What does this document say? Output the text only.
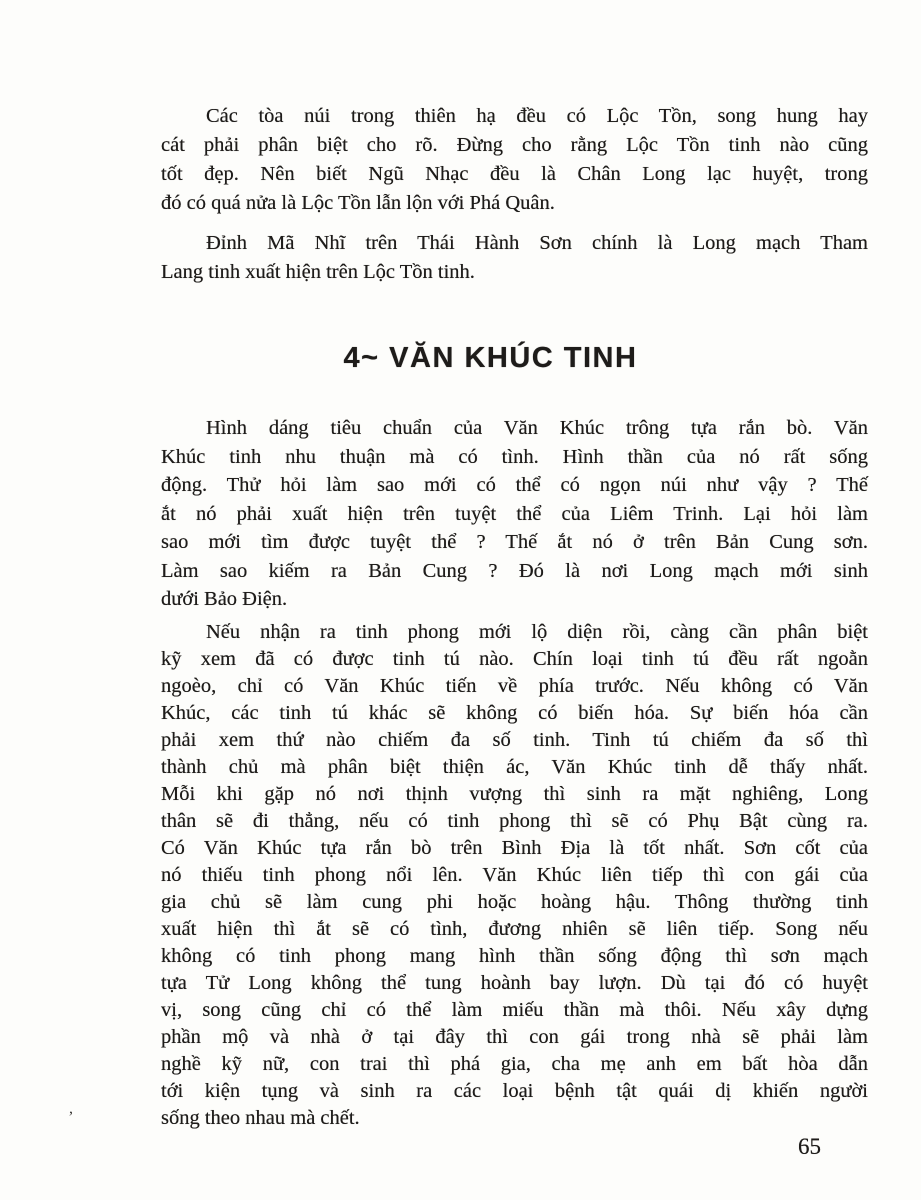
Các tòa núi trong thiên hạ đều có Lộc Tồn, song hung hay
cát phải phân biệt cho rõ. Đừng cho rằng Lộc Tồn tinh nào cũng
tốt đẹp. Nên biết Ngũ Nhạc đều là Chân Long lạc huyệt, trong
đó có quá nửa là Lộc Tồn lẫn lộn với Phá Quân.
Đỉnh Mã Nhĩ trên Thái Hành Sơn chính là Long mạch Tham
Lang tinh xuất hiện trên Lộc Tồn tinh.
4~ VĂN KHÚC TINH
Hình dáng tiêu chuẩn của Văn Khúc trông tựa rắn bò. Văn
Khúc tinh nhu thuận mà có tình. Hình thần của nó rất sống
động. Thử hỏi làm sao mới có thể có ngọn núi như vậy ? Thế
ắt nó phải xuất hiện trên tuyệt thể của Liêm Trinh. Lại hỏi làm
sao mới tìm được tuyệt thể ? Thế ắt nó ở trên Bản Cung sơn.
Làm sao kiếm ra Bản Cung ? Đó là nơi Long mạch mới sinh
dưới Bảo Điện.
Nếu nhận ra tinh phong mới lộ diện rồi, càng cần phân biệt
kỹ xem đã có được tinh tú nào. Chín loại tinh tú đều rất ngoằn
ngoèo, chỉ có Văn Khúc tiến về phía trước. Nếu không có Văn
Khúc, các tinh tú khác sẽ không có biến hóa. Sự biến hóa cần
phải xem thứ nào chiếm đa số tinh. Tinh tú chiếm đa số thì
thành chủ mà phân biệt thiện ác, Văn Khúc tinh dễ thấy nhất.
Mỗi khi gặp nó nơi thịnh vượng thì sinh ra mặt nghiêng, Long
thân sẽ đi thẳng, nếu có tinh phong thì sẽ có Phụ Bật cùng ra.
Có Văn Khúc tựa rắn bò trên Bình Địa là tốt nhất. Sơn cốt của
nó thiếu tinh phong nổi lên. Văn Khúc liên tiếp thì con gái của
gia chủ sẽ làm cung phi hoặc hoàng hậu. Thông thường tinh
xuất hiện thì ắt sẽ có tình, đương nhiên sẽ liên tiếp. Song nếu
không có tinh phong mang hình thần sống động thì sơn mạch
tựa Tử Long không thể tung hoành bay lượn. Dù tại đó có huyệt
vị, song cũng chỉ có thể làm miếu thần mà thôi. Nếu xây dựng
phần mộ và nhà ở tại đây thì con gái trong nhà sẽ phải làm
nghề kỹ nữ, con trai thì phá gia, cha mẹ anh em bất hòa dẫn
tới kiện tụng và sinh ra các loại bệnh tật quái dị khiến người
sống theo nhau mà chết.
,
65
